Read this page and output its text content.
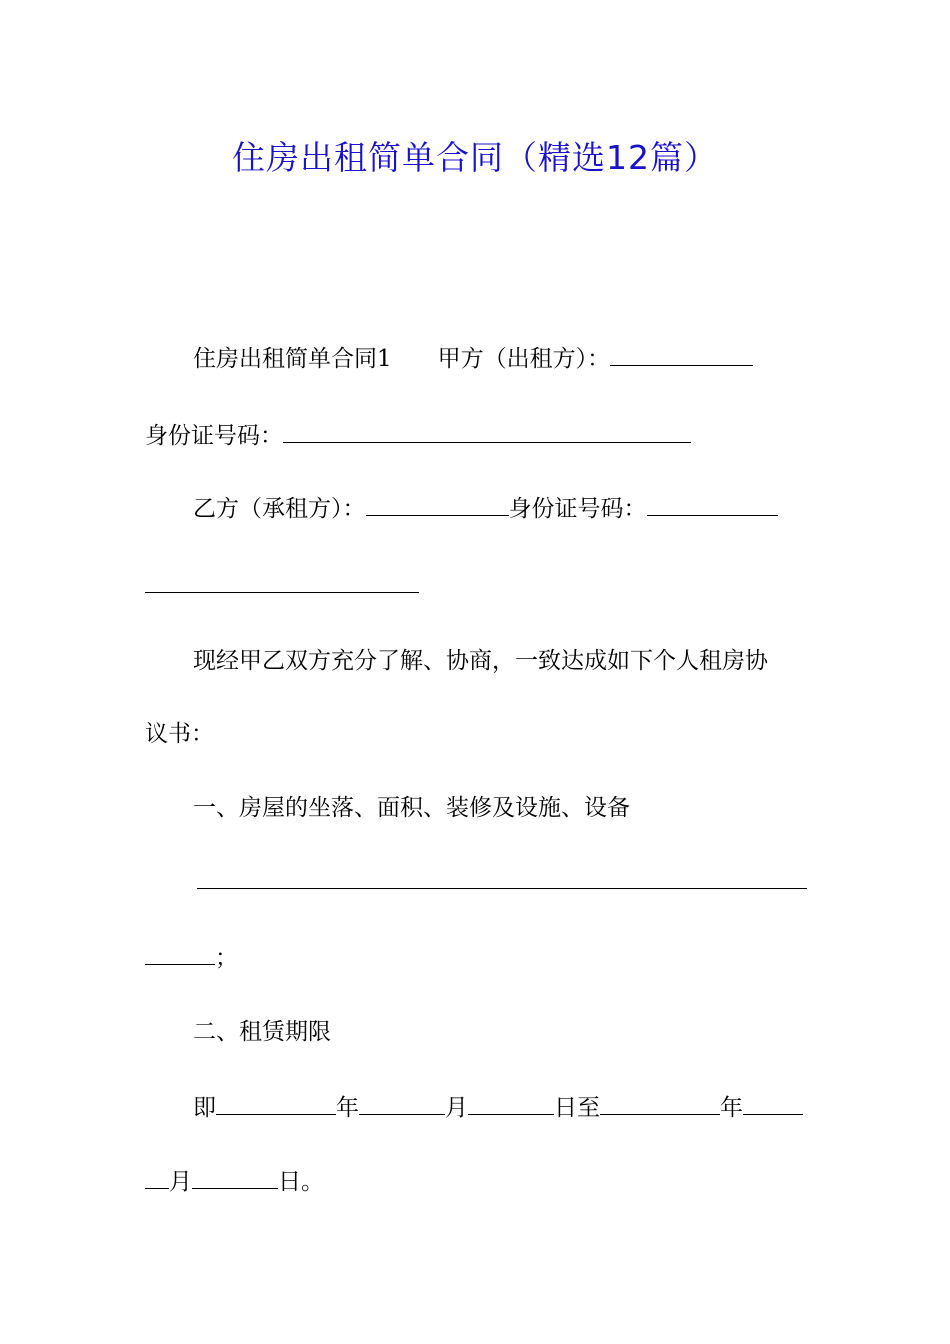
住房出租简单合同（精选12篇）
住房出租简单合同1 甲方（出租方）：
身份证号码：
乙方（承租方）：	身份证号码：
现经甲乙双方充分了解、协商，一致达成如下个人租房协
议书：
一、房屋的坐落、面积、装修及设施、设备
；
二、租赁期限
即	年	月	日至	年
月	日。
